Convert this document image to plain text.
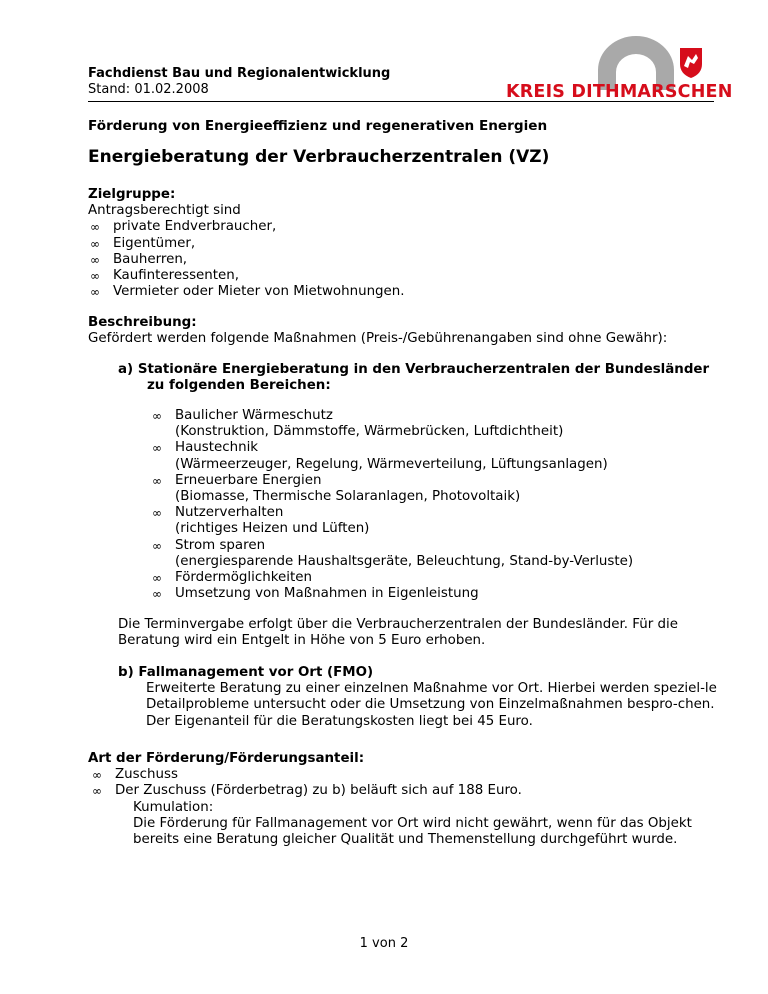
Fachdienst Bau und Regionalentwicklung
Stand: 01.02.2008	KREIS DITHMARSCHEN
Förderung von Energieeffizienz und regenerativen Energien
Energieberatung der Verbraucherzentralen (VZ)
Zielgruppe:
Antragsberechtigt sind
∞ private Endverbraucher,
∞ Eigentümer,
∞ Bauherren,
∞ Kaufinteressenten,
∞ Vermieter oder Mieter von Mietwohnungen.
Beschreibung:
Gefördert werden folgende Maßnahmen (Preis-/Gebührenangaben sind ohne Gewähr):
a) Stationäre Energieberatung in den Verbraucherzentralen der Bundesländer
zu folgenden Bereichen:
∞ Baulicher Wärmeschutz
(Konstruktion, Dämmstoffe, Wärmebrücken, Luftdichtheit)
∞ Haustechnik
(Wärmeerzeuger, Regelung, Wärmeverteilung, Lüftungsanlagen)
∞ Erneuerbare Energien
(Biomasse, Thermische Solaranlagen, Photovoltaik)
∞ Nutzerverhalten
(richtiges Heizen und Lüften)
∞ Strom sparen
(energiesparende Haushaltsgeräte, Beleuchtung, Stand-by-Verluste)
∞ Fördermöglichkeiten
∞ Umsetzung von Maßnahmen in Eigenleistung
Die Terminvergabe erfolgt über die Verbraucherzentralen der Bundesländer. Für die Beratung wird ein Entgelt in Höhe von 5 Euro erhoben.
b) Fallmanagement vor Ort (FMO)
Erweiterte Beratung zu einer einzelnen Maßnahme vor Ort. Hierbei werden speziel-le Detailprobleme untersucht oder die Umsetzung von Einzelmaßnahmen bespro-chen. Der Eigenanteil für die Beratungskosten liegt bei 45 Euro.
Art der Förderung/Förderungsanteil:
∞ Zuschuss
∞ Der Zuschuss (Förderbetrag) zu b) beläuft sich auf 188 Euro.
Kumulation:
Die Förderung für Fallmanagement vor Ort wird nicht gewährt, wenn für das Objekt bereits eine Beratung gleicher Qualität und Themenstellung durchgeführt wurde.
1 von 2
